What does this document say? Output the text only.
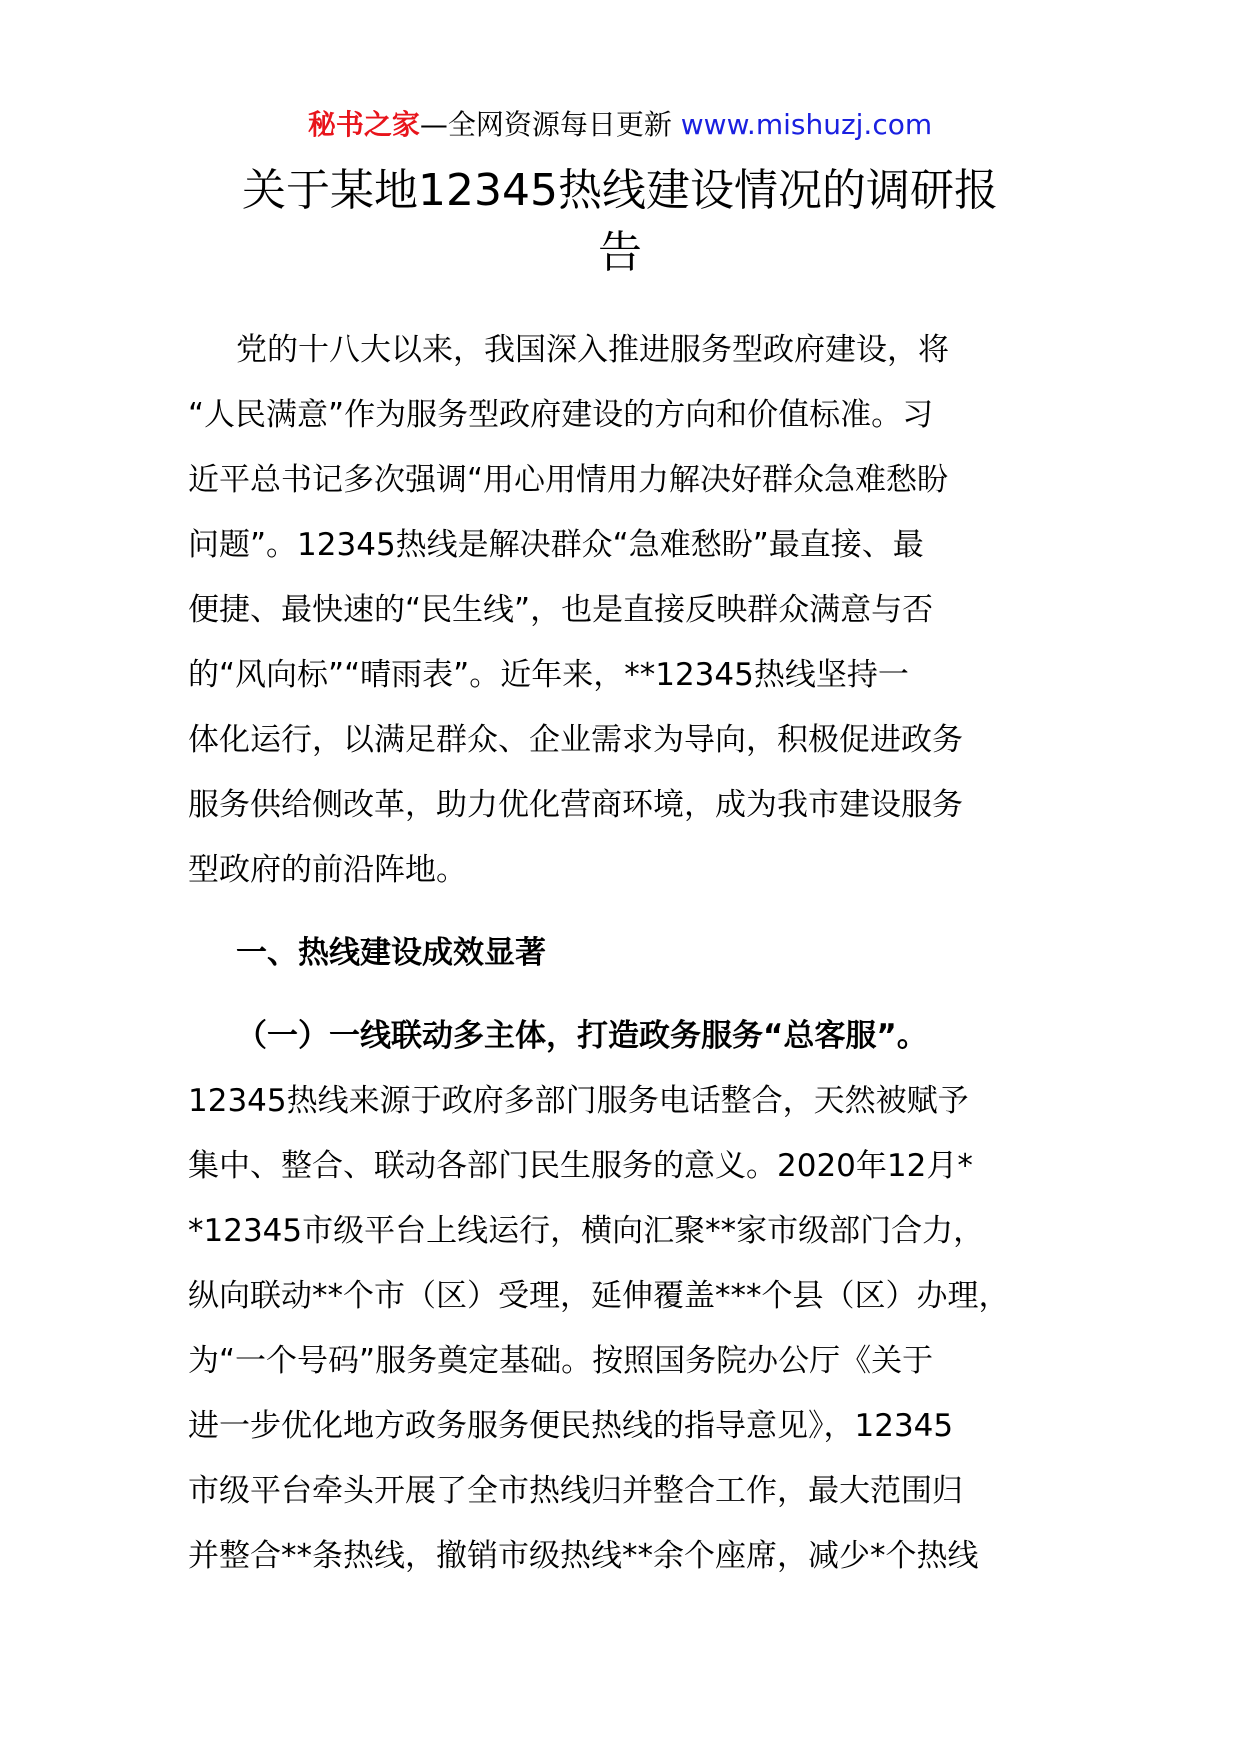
秘书之家—全网资源每日更新 www.mishuzj.com
关于某地12345热线建设情况的调研报告
党的十八大以来，我国深入推进服务型政府建设，将
“人民满意”作为服务型政府建设的方向和价值标准。习
近平总书记多次强调“用心用情用力解决好群众急难愁盼
问题”。12345热线是解决群众“急难愁盼”最直接、最
便捷、最快速的“民生线”，也是直接反映群众满意与否
的“风向标”“晴雨表”。近年来，**12345热线坚持一
体化运行，以满足群众、企业需求为导向，积极促进政务
服务供给侧改革，助力优化营商环境，成为我市建设服务
型政府的前沿阵地。
一、热线建设成效显著
（一）一线联动多主体，打造政务服务“总客服”。
12345热线来源于政府多部门服务电话整合，天然被赋予
集中、整合、联动各部门民生服务的意义。2020年12月*
*12345市级平台上线运行，横向汇聚**家市级部门合力，
纵向联动**个市（区）受理，延伸覆盖***个县（区）办理，
为“一个号码”服务奠定基础。按照国务院办公厅《关于
进一步优化地方政务服务便民热线的指导意见》，12345
市级平台牵头开展了全市热线归并整合工作，最大范围归
并整合**条热线，撤销市级热线**余个座席，减少*个热线
